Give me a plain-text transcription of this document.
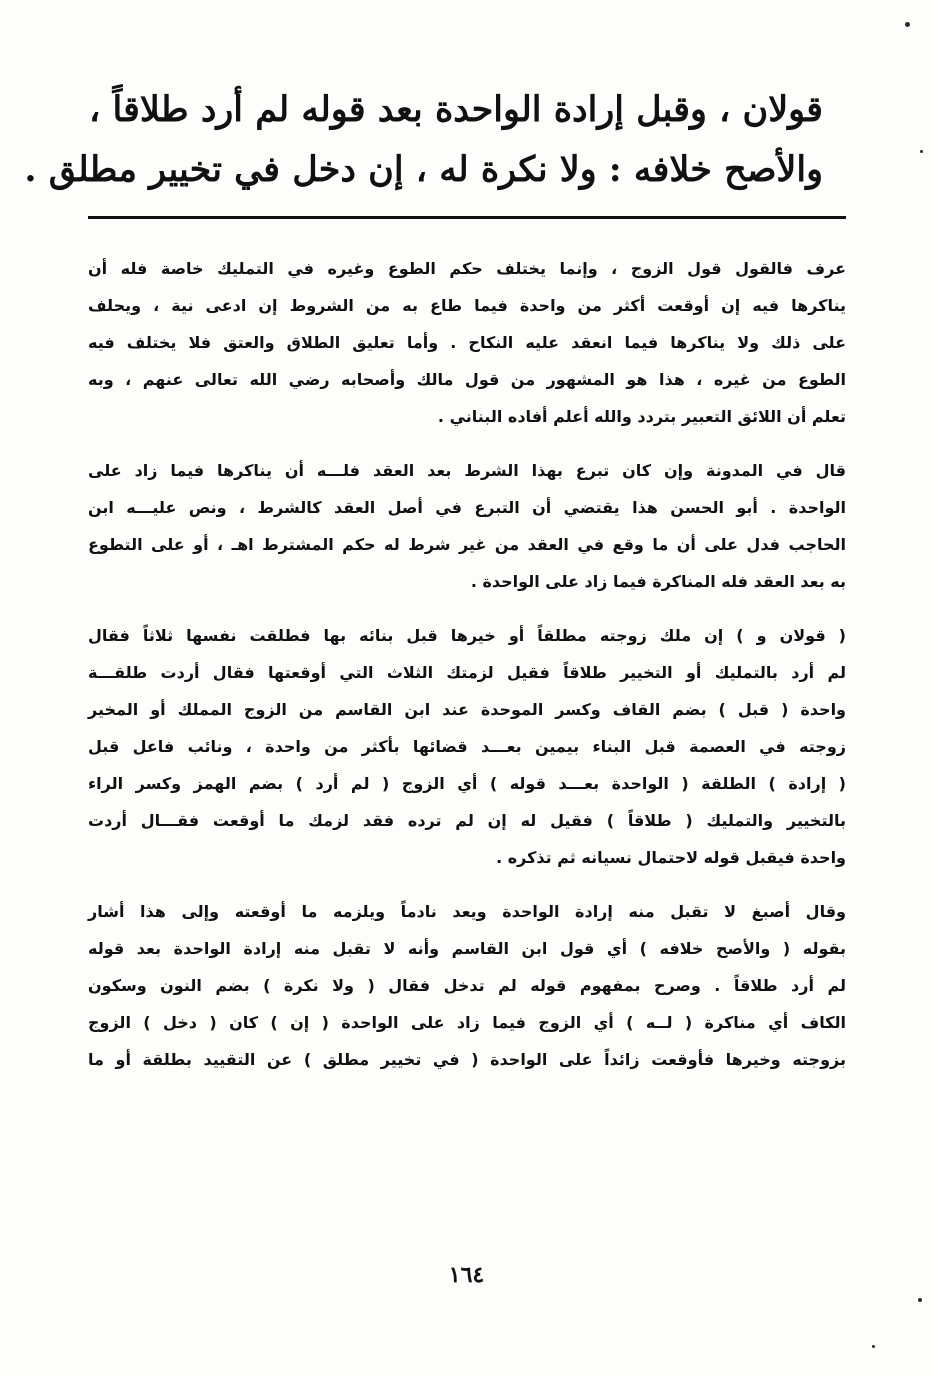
قولان ، وقبل إرادة الواحدة بعد قوله لم أرد طلاقاً ،
والأصح خلافه : ولا نكرة له ، إن دخل في تخيير مطلق .
عرف فالقول قول الزوج ، وإنما يختلف حكم الطوع وغيره في التمليك خاصة فله أن
يناكرها فيه إن أوقعت أكثر من واحدة فيما طاع به من الشروط إن ادعى نية ، ويحلف
على ذلك ولا يناكرها فيما انعقد عليه النكاح . وأما تعليق الطلاق والعتق فلا يختلف فيه
الطوع من غيره ، هذا هو المشهور من قول مالك وأصحابه رضي الله تعالى عنهم ، وبه
تعلم أن اللائق التعبير بتردد والله أعلم أفاده البناني .
قال في المدونة وإن كان تبرع بهذا الشرط بعد العقد فلـــه أن يناكرها فيما زاد على
الواحدة . أبو الحسن هذا يقتضي أن التبرع في أصل العقد كالشرط ، ونص عليـــه ابن
الحاجب فدل على أن ما وقع في العقد من غير شرط له حكم المشترط اهـ ، أو على التطوع
به بعد العقد فله المناكرة فيما زاد على الواحدة .
( قولان و ) إن ملك زوجته مطلقاً أو خيرها قبل بنائه بها فطلقت نفسها ثلاثاً فقال
لم أرد بالتمليك أو التخيير طلاقاً فقيل لزمتك الثلاث التي أوقعتها فقال أردت طلقـــة
واحدة ( قبل ) بضم القاف وكسر الموحدة عند ابن القاسم من الزوج المملك أو المخير
زوجته في العصمة قبل البناء بيمين بعـــد قضائها بأكثر من واحدة ، ونائب فاعل قبل
( إرادة ) الطلقة ( الواحدة بعـــد قوله ) أي الزوج ( لم أرد ) بضم الهمز وكسر الراء
بالتخيير والتمليك ( طلاقاً ) فقيل له إن لم ترده فقد لزمك ما أوقعت فقـــال أردت
واحدة فيقبل قوله لاحتمال نسيانه ثم تذكره .
وقال أصبغ لا تقبل منه إرادة الواحدة ويعد نادماً ويلزمه ما أوقعته وإلى هذا أشار
بقوله ( والأصح خلافه ) أي قول ابن القاسم وأنه لا تقبل منه إرادة الواحدة بعد قوله
لم أرد طلاقاً . وصرح بمفهوم قوله لم تدخل فقال ( ولا نكرة ) بضم النون وسكون
الكاف أي مناكرة ( لــه ) أي الزوج فيما زاد على الواحدة ( إن ) كان ( دخل ) الزوج
بزوجته وخيرها فأوقعت زائداً على الواحدة ( في تخيير مطلق ) عن التقييد بطلقة أو ما
١٦٤
